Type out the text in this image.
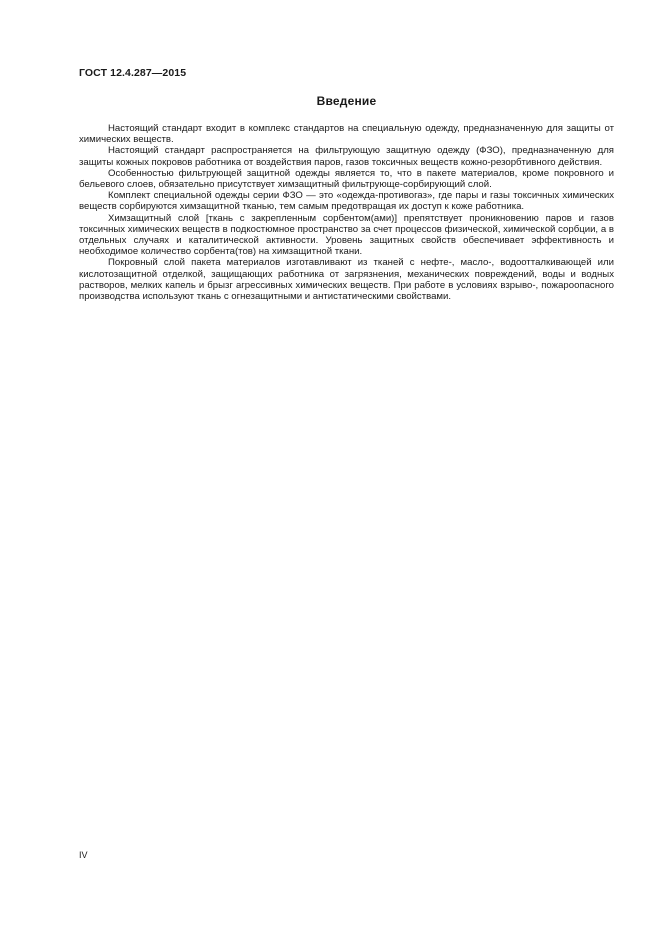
ГОСТ 12.4.287—2015
Введение

Настоящий стандарт входит в комплекс стандартов на специальную одежду, предназначенную для защиты от химических веществ.

Настоящий стандарт распространяется на фильтрующую защитную одежду (ФЗО), предназначенную для защиты кожных покровов работника от воздействия паров, газов токсичных веществ кожно-резорбтивного действия.

Особенностью фильтрующей защитной одежды является то, что в пакете материалов, кроме покровного и бельевого слоев, обязательно присутствует химзащитный фильтрующе-сорбирующий слой.

Комплект специальной одежды серии ФЗО — это «одежда-противогаз», где пары и газы токсичных химических веществ сорбируются химзащитной тканью, тем самым предотвращая их доступ к коже работника.

Химзащитный слой [ткань с закрепленным сорбентом(ами)] препятствует проникновению паров и газов токсичных химических веществ в подкостюмное пространство за счет процессов физической, химической сорбции, а в отдельных случаях и каталитической активности. Уровень защитных свойств обеспечивает эффективность и необходимое количество сорбента(тов) на химзащитной ткани.

Покровный слой пакета материалов изготавливают из тканей с нефте-, масло-, водоотталкивающей или кислотозащитной отделкой, защищающих работника от загрязнения, механических повреждений, воды и водных растворов, мелких капель и брызг агрессивных химических веществ. При работе в условиях взрыво-, пожароопасного производства используют ткань с огнезащитными и антистатическими свойствами.

IV
